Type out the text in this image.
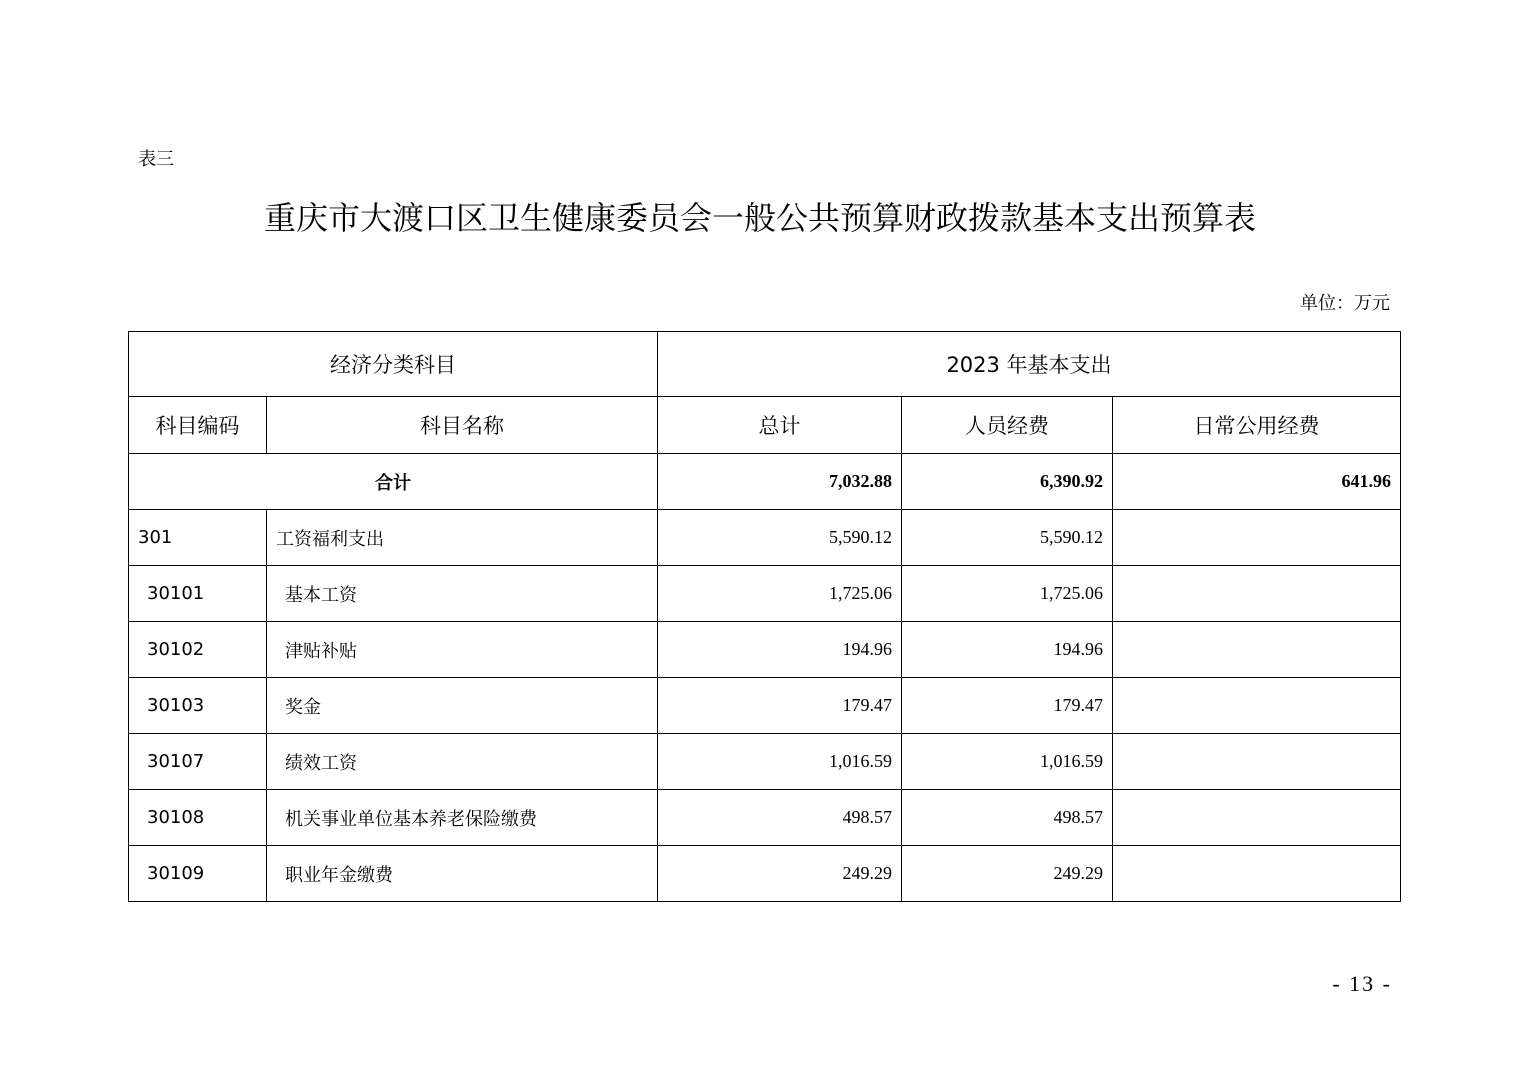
表三
重庆市大渡口区卫生健康委员会一般公共预算财政拨款基本支出预算表
单位：万元
经济分类科目		2023 年基本支出		
科目编码	科目名称	总计	人员经费	日常公用经费
合计		7,032.88	6,390.92	641.96
301	工资福利支出	5,590.12	5,590.12	
30101	基本工资	1,725.06	1,725.06	
30102	津贴补贴	194.96	194.96	
30103	奖金	179.47	179.47	
30107	绩效工资	1,016.59	1,016.59	
30108	机关事业单位基本养老保险缴费	498.57	498.57	
30109	职业年金缴费	249.29	249.29	
- 13 -
